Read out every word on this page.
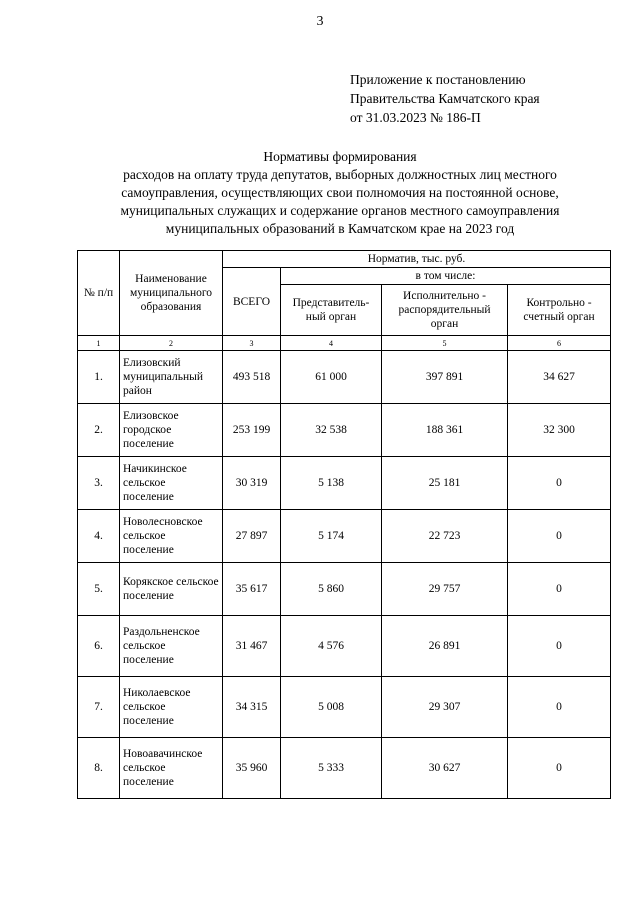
3
Приложение к постановлению
Правительства Камчатского края
от 31.03.2023 № 186-П
Нормативы формирования
расходов на оплату труда депутатов, выборных должностных лиц местного
самоуправления, осуществляющих свои полномочия на постоянной основе,
муниципальных служащих и содержание органов местного самоуправления
муниципальных образований в Камчатском крае на 2023 год
№ п/п	Наименование муниципального образования	Норматив, тыс. руб.			
		ВСЕГО	в том числе:		
			Представитель-ный орган	Исполнительно - распорядительный орган	Контрольно - счетный орган
1	2	3	4	5	6
1.	Елизовский муниципальный район	493 518	61 000	397 891	34 627
2.	Елизовское городское поселение	253 199	32 538	188 361	32 300
3.	Начикинское сельское поселение	30 319	5 138	25 181	0
4.	Новолесновское сельское поселение	27 897	5 174	22 723	0
5.	Корякское сельское поселение	35 617	5 860	29 757	0
6.	Раздольненское сельское поселение	31 467	4 576	26 891	0
7.	Николаевское сельское поселение	34 315	5 008	29 307	0
8.	Новоавачинское сельское поселение	35 960	5 333	30 627	0
